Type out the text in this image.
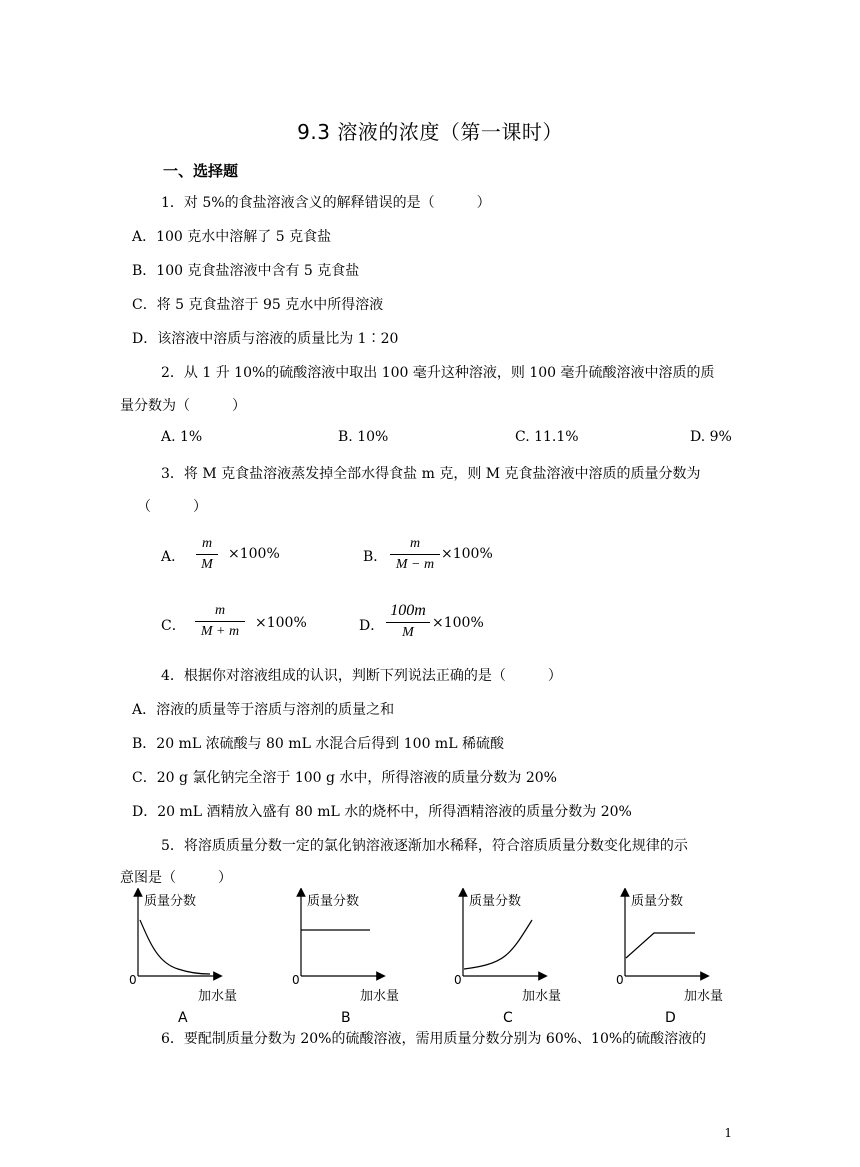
9.3 溶液的浓度（第一课时）
一、选择题
1．对 5%的食盐溶液含义的解释错误的是（　　　）
A．100 克水中溶解了 5 克食盐
B．100 克食盐溶液中含有 5 克食盐
C．将 5 克食盐溶于 95 克水中所得溶液
D．该溶液中溶质与溶液的质量比为 1∶20
2．从 1 升 10%的硫酸溶液中取出 100 毫升这种溶液，则 100 毫升硫酸溶液中溶质的质
量分数为（　　　）
A. 1%	B. 10%	C. 11.1%	D. 9%
3．将 M 克食盐溶液蒸发掉全部水得食盐 m 克，则 M 克食盐溶液中溶质的质量分数为
（　　　）
A．
m
M
×100%	B．
m
M − m
×100%
C．
m
M + m
×100%	D．
100m
M
×100%
4．根据你对溶液组成的认识，判断下列说法正确的是（　　　）
A．溶液的质量等于溶质与溶剂的质量之和
B．20 mL 浓硫酸与 80 mL 水混合后得到 100 mL 稀硫酸
C．20 g 氯化钠完全溶于 100 g 水中，所得溶液的质量分数为 20%
D．20 mL 酒精放入盛有 80 mL 水的烧杯中，所得酒精溶液的质量分数为 20%
5．将溶质质量分数一定的氯化钠溶液逐渐加水稀释，符合溶质质量分数变化规律的示
意图是（　　　）
质量分数
加水量
0
A
质量分数
加水量
0
B
质量分数
加水量
0
C
质量分数
加水量
0
D
6．要配制质量分数为 20%的硫酸溶液，需用质量分数分别为 60%、10%的硫酸溶液的
1
